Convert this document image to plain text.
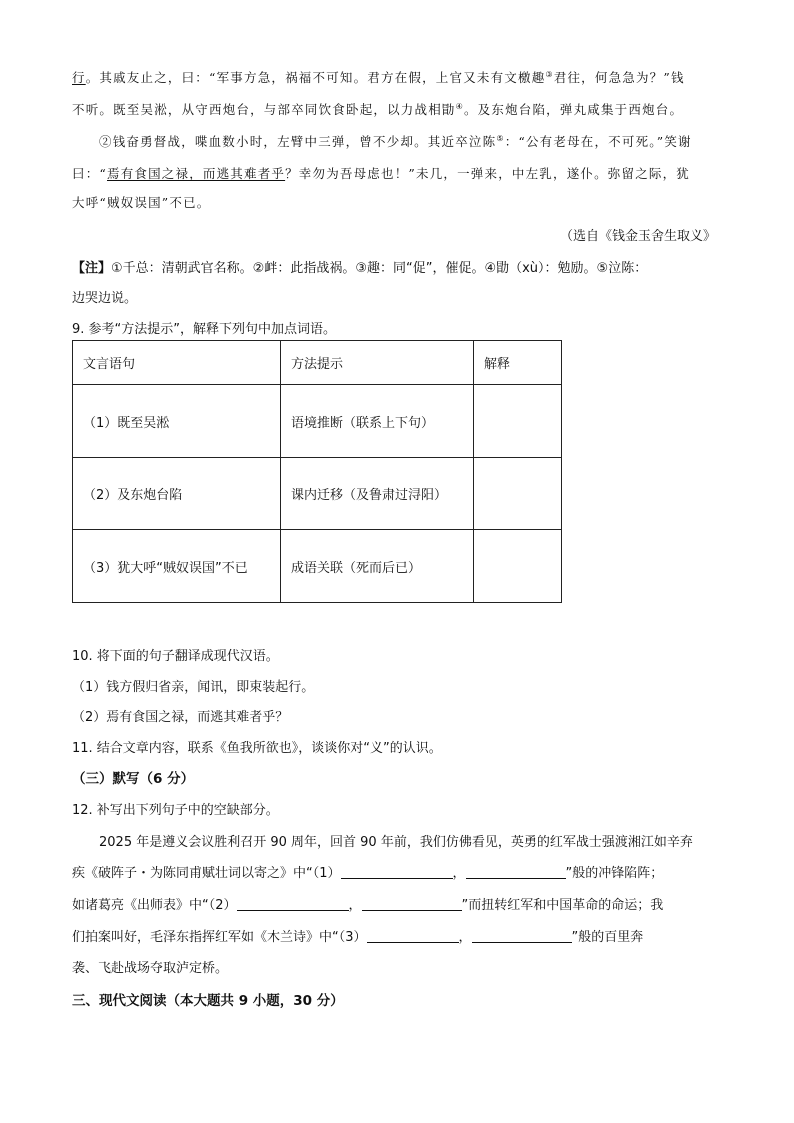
行。其戚友止之，曰：“军事方急，祸福不可知。君方在假，上官又未有文檄趣③君往，何急急为？”钱
不听。既至吴淞，从守西炮台，与部卒同饮食卧起，以力战相勖④。及东炮台陷，弹丸咸集于西炮台。
②钱奋勇督战，喋血数小时，左臂中三弹，曾不少却。其近卒泣陈⑤：“公有老母在，不可死。”笑谢
曰：“焉有食国之禄，而逃其难者乎？幸勿为吾母虑也！”未几，一弹来，中左乳，遂仆。弥留之际，犹
大呼“贼奴误国”不已。
（选自《钱金玉舍生取义》
【注】①千总：清朝武官名称。②衅：此指战祸。③趣：同“促”，催促。④勖（xù）：勉励。⑤泣陈：
边哭边说。
9. 参考“方法提示”，解释下列句中加点词语。
文言语句	方法提示	解释
（1）既至吴淞	语境推断（联系上下句）	
（2）及东炮台陷	课内迁移（及鲁肃过浔阳）	
（3）犹大呼“贼奴误国”不已	成语关联（死而后已）	
10. 将下面的句子翻译成现代汉语。
（1）钱方假归省亲，闻讯，即束装起行。
（2）焉有食国之禄，而逃其难者乎？
11. 结合文章内容，联系《鱼我所欲也》，谈谈你对“义”的认识。
（三）默写（6 分）
12. 补写出下列句子中的空缺部分。
2025 年是遵义会议胜利召开 90 周年，回首 90 年前，我们仿佛看见，英勇的红军战士强渡湘江如辛弃
疾《破阵子・为陈同甫赋壮词以寄之》中“（1）	，	”般的冲锋陷阵；
如诸葛亮《出师表》中“（2）	，	”而扭转红军和中国革命的命运；我
们拍案叫好，毛泽东指挥红军如《木兰诗》中“（3）	，	”般的百里奔
袭、飞赴战场夺取泸定桥。
三、现代文阅读（本大题共 9 小题，30 分）
